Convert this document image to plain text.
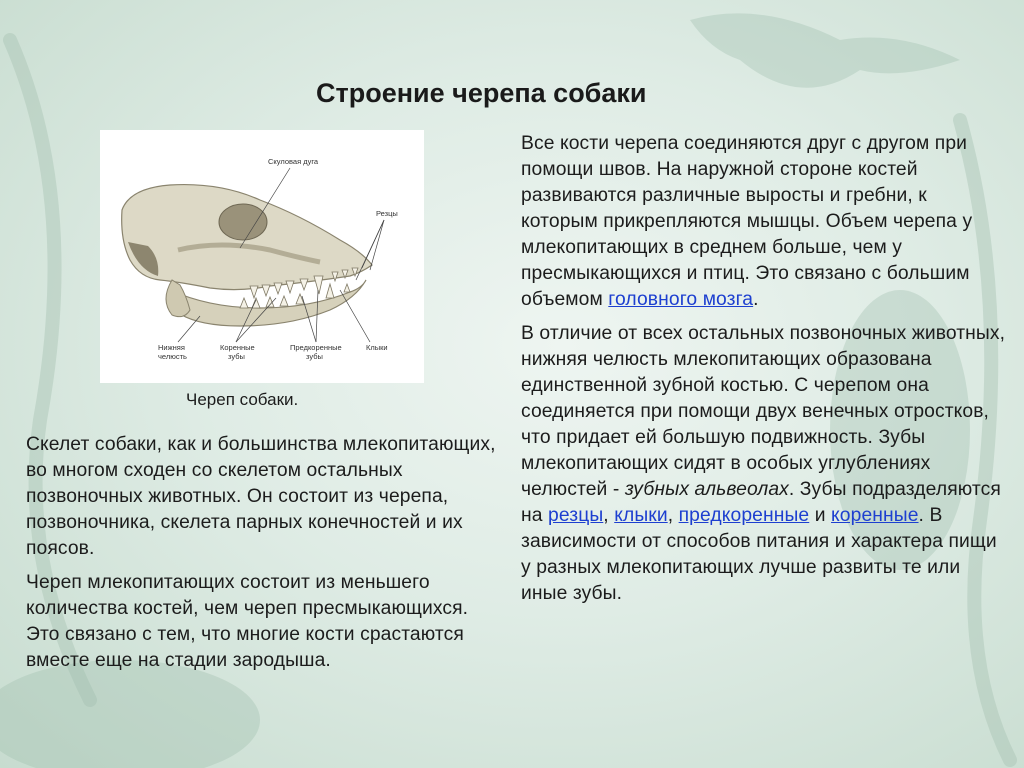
Строение черепа собаки
Скуловая дуга
Резцы
Нижняя
челюсть
Коренные
зубы
Предкоренные
зубы
Клыки
Череп собаки.

Скелет собаки, как и большинства млекопитающих, во многом сходен со скелетом остальных позвоночных животных. Он состоит из черепа, позвоночника, скелета парных конечностей и их поясов.

Череп млекопитающих состоит из меньшего количества костей, чем череп пресмыкающихся. Это связано с тем, что многие кости срастаются вместе еще на стадии зародыша.

Все кости черепа соединяются друг с другом при помощи швов. На наружной стороне костей развиваются различные выросты и гребни, к которым прикрепляются мышцы. Объем черепа у млекопитающих в среднем больше, чем у пресмыкающихся и птиц. Это связано с большим объемом головного мозга.

В отличие от всех остальных позвоночных животных, нижняя челюсть млекопитающих образована единственной зубной костью. С черепом она соединяется при помощи двух венечных отростков, что придает ей большую подвижность. Зубы млекопитающих сидят в особых углублениях челюстей - зубных альвеолах. Зубы подразделяются на резцы, клыки, предкоренные и коренные. В зависимости от способов питания и характера пищи у разных млекопитающих лучше развиты те или иные зубы.
